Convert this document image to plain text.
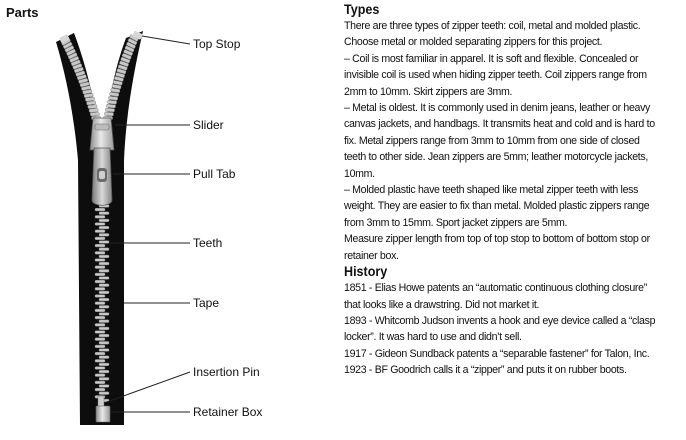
Parts
Top Stop
Slider
Pull Tab
Teeth
Tape
Insertion Pin
Retainer Box
Types

There are three types of zipper teeth: coil, metal and molded plastic. Choose metal or molded separating zippers for this project.

– Coil is most familiar in apparel. It is soft and flexible. Concealed or invisible coil is used when hiding zipper teeth. Coil zippers range from 2mm to 10mm. Skirt zippers are 3mm.

– Metal is oldest. It is commonly used in denim jeans, leather or heavy canvas jackets, and handbags. It transmits heat and cold and is hard to fix. Metal zippers range from 3mm to 10mm from one side of closed teeth to other side. Jean zippers are 5mm; leather motorcycle jackets, 10mm.

– Molded plastic have teeth shaped like metal zipper teeth with less weight. They are easier to fix than metal. Molded plastic zippers range from 3mm to 15mm. Sport jacket zippers are 5mm.

Measure zipper length from top of top stop to bottom of bottom stop or retainer box.

History

1851 - Elias Howe patents an “automatic continuous clothing closure” that looks like a drawstring. Did not market it.

1893 - Whitcomb Judson invents a hook and eye device called a “clasp locker”. It was hard to use and didn’t sell.

1917 - Gideon Sundback patents a “separable fastener” for Talon, Inc.

1923 - BF Goodrich calls it a “zipper” and puts it on rubber boots.
